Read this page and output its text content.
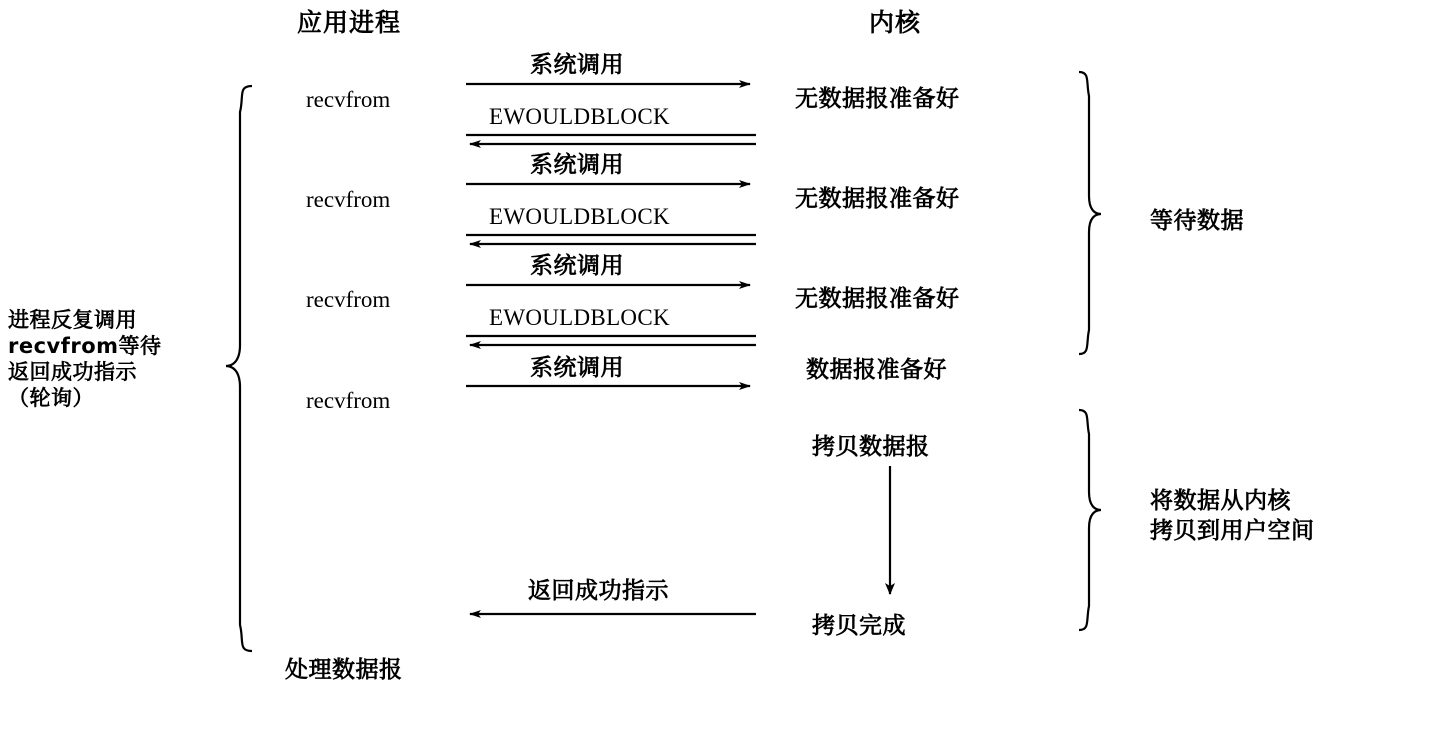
应用进程	内核
进程反复调用
recvfrom等待
返回成功指示
（轮询）
recvfrom
recvfrom
recvfrom
recvfrom
系统调用
系统调用
系统调用
系统调用
EWOULDBLOCK
EWOULDBLOCK
EWOULDBLOCK
无数据报准备好
无数据报准备好
无数据报准备好
数据报准备好
拷贝数据报
拷贝完成
返回成功指示
等待数据
将数据从内核
拷贝到用户空间
处理数据报
